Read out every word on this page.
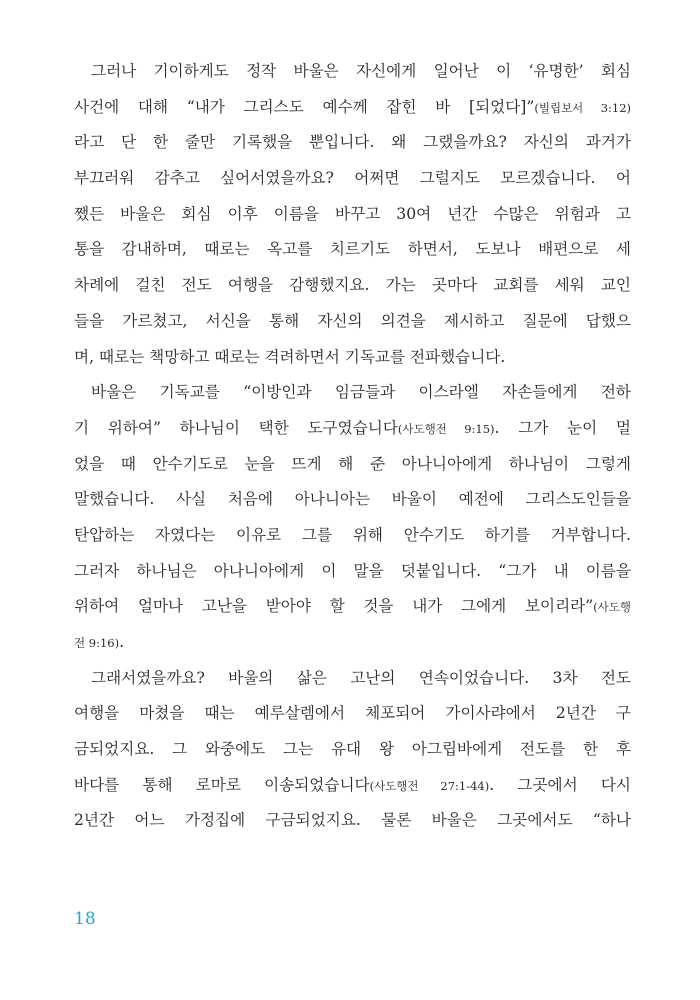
그러나 기이하게도 정작 바울은 자신에게 일어난 이 ‘유명한’ 회심
사건에 대해 “내가 그리스도 예수께 잡힌 바 [되었다]”(빌립보서 3:12)
라고 단 한 줄만 기록했을 뿐입니다. 왜 그랬을까요? 자신의 과거가
부끄러워 감추고 싶어서였을까요? 어쩌면 그럴지도 모르겠습니다. 어
쨌든 바울은 회심 이후 이름을 바꾸고 30여 년간 수많은 위험과 고
통을 감내하며, 때로는 옥고를 치르기도 하면서, 도보나 배편으로 세
차례에 걸친 전도 여행을 감행했지요. 가는 곳마다 교회를 세워 교인
들을 가르쳤고, 서신을 통해 자신의 의견을 제시하고 질문에 답했으
며, 때로는 책망하고 때로는 격려하면서 기독교를 전파했습니다.
바울은 기독교를 “이방인과 임금들과 이스라엘 자손들에게 전하
기 위하여” 하나님이 택한 도구였습니다(사도행전 9:15). 그가 눈이 멀
었을 때 안수기도로 눈을 뜨게 해 준 아나니아에게 하나님이 그렇게
말했습니다. 사실 처음에 아나니아는 바울이 예전에 그리스도인들을
탄압하는 자였다는 이유로 그를 위해 안수기도 하기를 거부합니다.
그러자 하나님은 아나니아에게 이 말을 덧붙입니다. “그가 내 이름을
위하여 얼마나 고난을 받아야 할 것을 내가 그에게 보이리라”(사도행
전 9:16).
그래서였을까요? 바울의 삶은 고난의 연속이었습니다. 3차 전도
여행을 마쳤을 때는 예루살렘에서 체포되어 가이사랴에서 2년간 구
금되었지요. 그 와중에도 그는 유대 왕 아그립바에게 전도를 한 후
바다를 통해 로마로 이송되었습니다(사도행전 27:1-44). 그곳에서 다시
2년간 어느 가정집에 구금되었지요. 물론 바울은 그곳에서도 “하나
18
